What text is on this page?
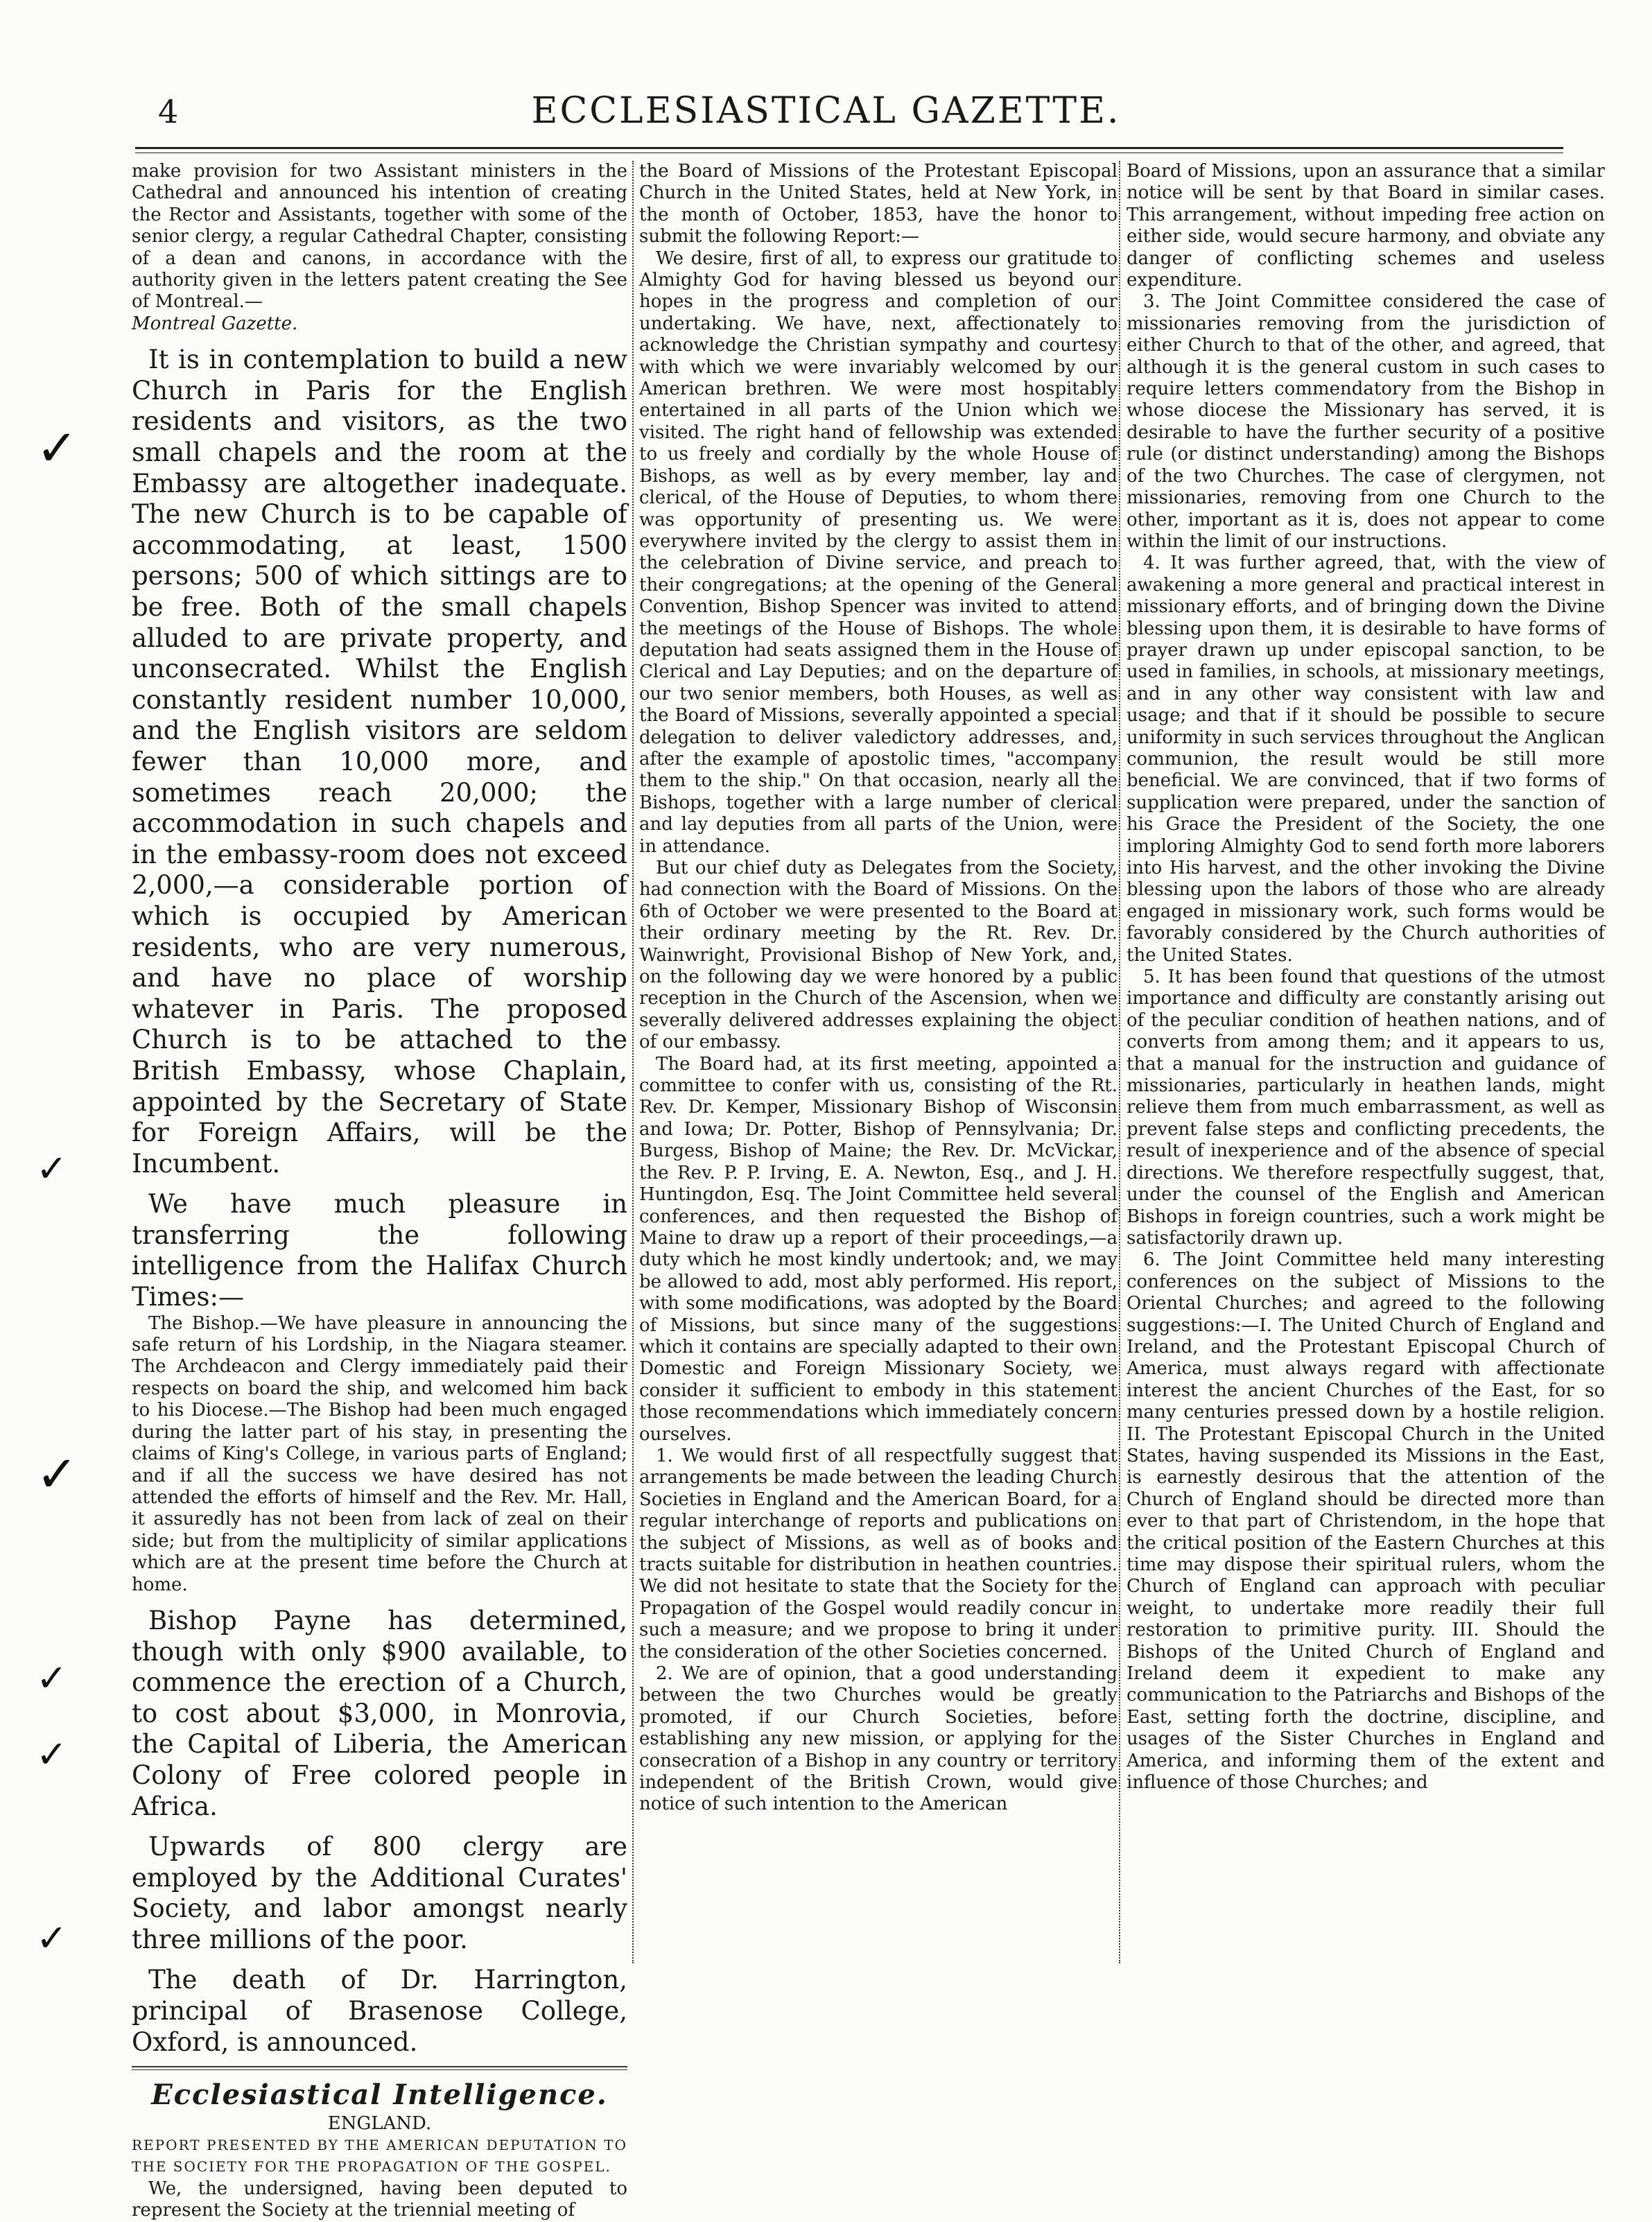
4	ECCLESIASTICAL GAZETTE.
✓
✓
✓
✓
✓
✓

make provision for two Assistant ministers in the Cathedral and announced his intention of creating the Rector and Assistants, together with some of the senior clergy, a regular Cathedral Chapter, consisting of a dean and canons, in accordance with the authority given in the letters patent creating the See of Montreal.—

Montreal Gazette.

It is in contemplation to build a new Church in Paris for the English residents and visitors, as the two small chapels and the room at the Embassy are altogether inadequate. The new Church is to be capable of accommodating, at least, 1500 persons; 500 of which sittings are to be free. Both of the small chapels alluded to are private property, and unconsecrated. Whilst the English constantly resident number 10,000, and the English visitors are seldom fewer than 10,000 more, and sometimes reach 20,000; the accommodation in such chapels and in the embassy-room does not exceed 2,000,—a considerable portion of which is occupied by American residents, who are very numerous, and have no place of worship whatever in Paris. The proposed Church is to be attached to the British Embassy, whose Chaplain, appointed by the Secretary of State for Foreign Affairs, will be the Incumbent.

We have much pleasure in transferring the following intelligence from the Halifax Church Times:—

The Bishop.—We have pleasure in announcing the safe return of his Lordship, in the Niagara steamer. The Archdeacon and Clergy immediately paid their respects on board the ship, and welcomed him back to his Diocese.—The Bishop had been much engaged during the latter part of his stay, in presenting the claims of King's College, in various parts of England; and if all the success we have desired has not attended the efforts of himself and the Rev. Mr. Hall, it assuredly has not been from lack of zeal on their side; but from the multiplicity of similar applications which are at the present time before the Church at home.

Bishop Payne has determined, though with only $900 available, to commence the erection of a Church, to cost about $3,000, in Monrovia, the Capital of Liberia, the American Colony of Free colored people in Africa.

Upwards of 800 clergy are employed by the Additional Curates' Society, and labor amongst nearly three millions of the poor.

The death of Dr. Harrington, principal of Brasenose College, Oxford, is announced.

Ecclesiastical Intelligence.

ENGLAND.

REPORT PRESENTED BY THE AMERICAN DEPUTATION TO THE SOCIETY FOR THE PROPAGATION OF THE GOSPEL.

We, the undersigned, having been deputed to represent the Society at the triennial meeting of

the Board of Missions of the Protestant Episcopal Church in the United States, held at New York, in the month of October, 1853, have the honor to submit the following Report:—

We desire, first of all, to express our gratitude to Almighty God for having blessed us beyond our hopes in the progress and completion of our undertaking. We have, next, affectionately to acknowledge the Christian sympathy and courtesy with which we were invariably welcomed by our American brethren. We were most hospitably entertained in all parts of the Union which we visited. The right hand of fellowship was extended to us freely and cordially by the whole House of Bishops, as well as by every member, lay and clerical, of the House of Deputies, to whom there was opportunity of presenting us. We were everywhere invited by the clergy to assist them in the celebration of Divine service, and preach to their congregations; at the opening of the General Convention, Bishop Spencer was invited to attend the meetings of the House of Bishops. The whole deputation had seats assigned them in the House of Clerical and Lay Deputies; and on the departure of our two senior members, both Houses, as well as the Board of Missions, severally appointed a special delegation to deliver valedictory addresses, and, after the example of apostolic times, "accompany them to the ship." On that occasion, nearly all the Bishops, together with a large number of clerical and lay deputies from all parts of the Union, were in attendance.

But our chief duty as Delegates from the Society, had connection with the Board of Missions. On the 6th of October we were presented to the Board at their ordinary meeting by the Rt. Rev. Dr. Wainwright, Provisional Bishop of New York, and, on the following day we were honored by a public reception in the Church of the Ascension, when we severally delivered addresses explaining the object of our embassy.

The Board had, at its first meeting, appointed a committee to confer with us, consisting of the Rt. Rev. Dr. Kemper, Missionary Bishop of Wisconsin and Iowa; Dr. Potter, Bishop of Pennsylvania; Dr. Burgess, Bishop of Maine; the Rev. Dr. McVickar, the Rev. P. P. Irving, E. A. Newton, Esq., and J. H. Huntingdon, Esq. The Joint Committee held several conferences, and then requested the Bishop of Maine to draw up a report of their proceedings,—a duty which he most kindly undertook; and, we may be allowed to add, most ably performed. His report, with some modifications, was adopted by the Board of Missions, but since many of the suggestions which it contains are specially adapted to their own Domestic and Foreign Missionary Society, we consider it sufficient to embody in this statement those recommendations which immediately concern ourselves.

1. We would first of all respectfully suggest that arrangements be made between the leading Church Societies in England and the American Board, for a regular interchange of reports and publications on the subject of Missions, as well as of books and tracts suitable for distribution in heathen countries. We did not hesitate to state that the Society for the Propagation of the Gospel would readily concur in such a measure; and we propose to bring it under the consideration of the other Societies concerned.

2. We are of opinion, that a good understanding between the two Churches would be greatly promoted, if our Church Societies, before establishing any new mission, or applying for the consecration of a Bishop in any country or territory independent of the British Crown, would give notice of such intention to the American

Board of Missions, upon an assurance that a similar notice will be sent by that Board in similar cases. This arrangement, without impeding free action on either side, would secure harmony, and obviate any danger of conflicting schemes and useless expenditure.

3. The Joint Committee considered the case of missionaries removing from the jurisdiction of either Church to that of the other, and agreed, that although it is the general custom in such cases to require letters commendatory from the Bishop in whose diocese the Missionary has served, it is desirable to have the further security of a positive rule (or distinct understanding) among the Bishops of the two Churches. The case of clergymen, not missionaries, removing from one Church to the other, important as it is, does not appear to come within the limit of our instructions.

4. It was further agreed, that, with the view of awakening a more general and practical interest in missionary efforts, and of bringing down the Divine blessing upon them, it is desirable to have forms of prayer drawn up under episcopal sanction, to be used in families, in schools, at missionary meetings, and in any other way consistent with law and usage; and that if it should be possible to secure uniformity in such services throughout the Anglican communion, the result would be still more beneficial. We are convinced, that if two forms of supplication were prepared, under the sanction of his Grace the President of the Society, the one imploring Almighty God to send forth more laborers into His harvest, and the other invoking the Divine blessing upon the labors of those who are already engaged in missionary work, such forms would be favorably considered by the Church authorities of the United States.

5. It has been found that questions of the utmost importance and difficulty are constantly arising out of the peculiar condition of heathen nations, and of converts from among them; and it appears to us, that a manual for the instruction and guidance of missionaries, particularly in heathen lands, might relieve them from much embarrassment, as well as prevent false steps and conflicting precedents, the result of inexperience and of the absence of special directions. We therefore respectfully suggest, that, under the counsel of the English and American Bishops in foreign countries, such a work might be satisfactorily drawn up.

6. The Joint Committee held many interesting conferences on the subject of Missions to the Oriental Churches; and agreed to the following suggestions:—I. The United Church of England and Ireland, and the Protestant Episcopal Church of America, must always regard with affectionate interest the ancient Churches of the East, for so many centuries pressed down by a hostile religion. II. The Protestant Episcopal Church in the United States, having suspended its Missions in the East, is earnestly desirous that the attention of the Church of England should be directed more than ever to that part of Christendom, in the hope that the critical position of the Eastern Churches at this time may dispose their spiritual rulers, whom the Church of England can approach with peculiar weight, to undertake more readily their full restoration to primitive purity. III. Should the Bishops of the United Church of England and Ireland deem it expedient to make any communication to the Patriarchs and Bishops of the East, setting forth the doctrine, discipline, and usages of the Sister Churches in England and America, and informing them of the extent and influence of those Churches; and
